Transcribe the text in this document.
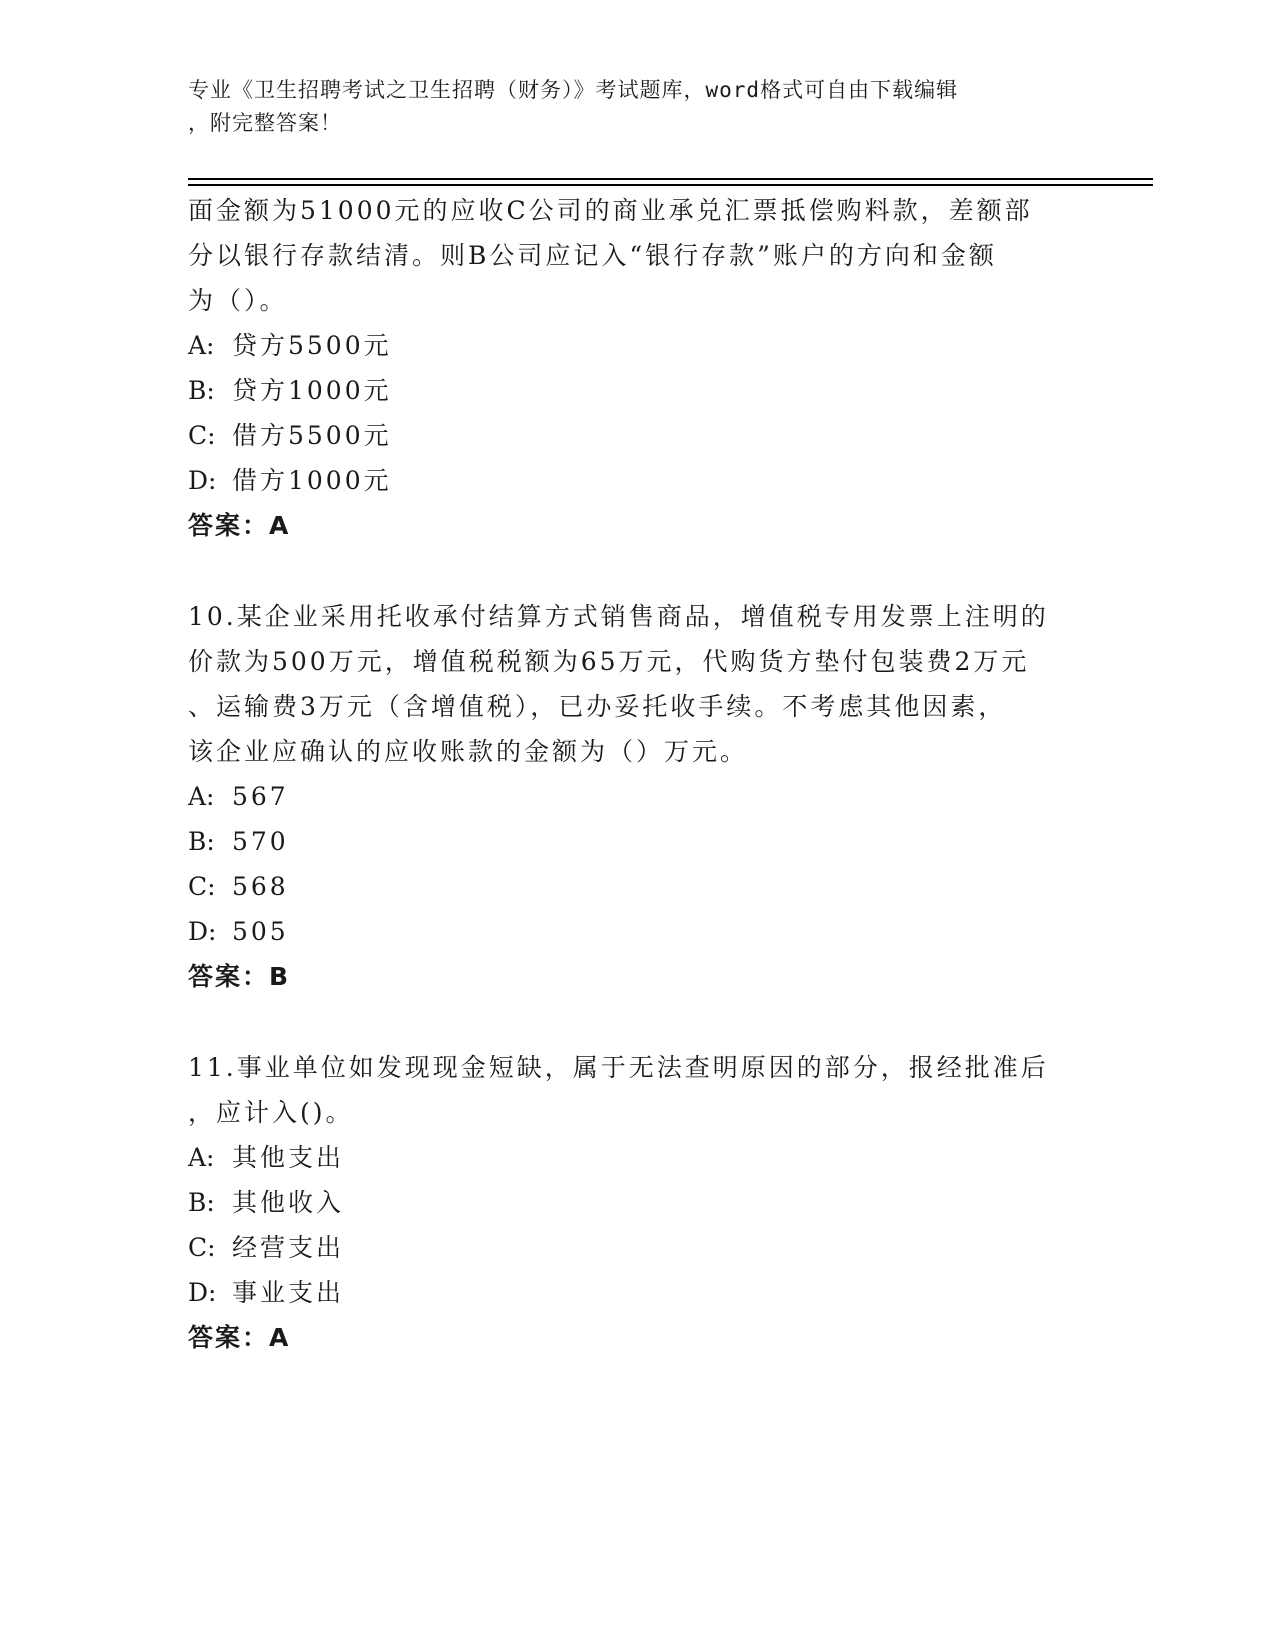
专业《卫生招聘考试之卫生招聘（财务）》考试题库，word格式可自由下载编辑
，附完整答案！
面金额为51000元的应收C公司的商业承兑汇票抵偿购料款，差额部
分以银行存款结清。则B公司应记入“银行存款”账户的方向和金额
为（）。
A: 贷方5500元
B: 贷方1000元
C: 借方5500元
D: 借方1000元
答案：A
10.某企业采用托收承付结算方式销售商品，增值税专用发票上注明的
价款为500万元，增值税税额为65万元，代购货方垫付包装费2万元
、运输费3万元（含增值税），已办妥托收手续。不考虑其他因素，
该企业应确认的应收账款的金额为（）万元。
A: 567
B: 570
C: 568
D: 505
答案：B
11.事业单位如发现现金短缺，属于无法查明原因的部分，报经批准后
，应计入()。
A: 其他支出
B: 其他收入
C: 经营支出
D: 事业支出
答案：A
